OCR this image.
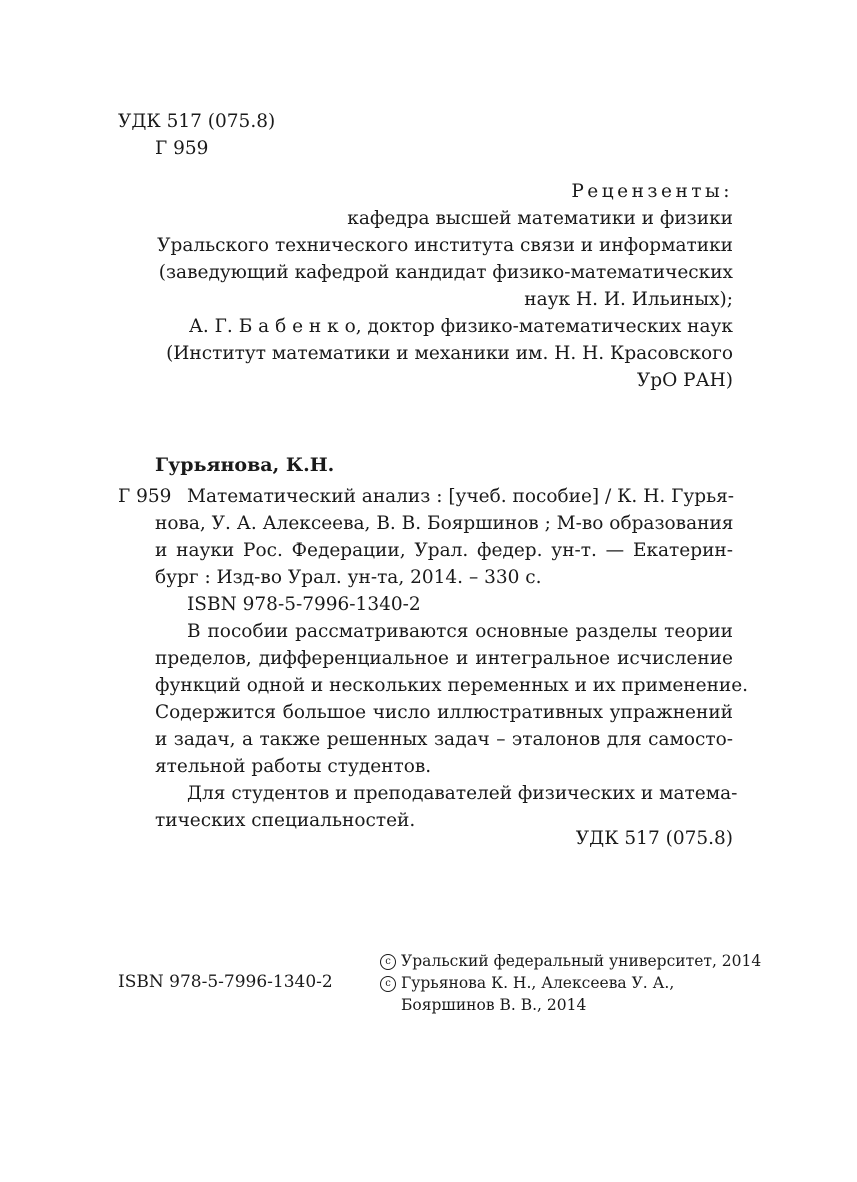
УДК 517 (075.8)
Г 959
Рецензенты:
кафедра высшей математики и физики
Уральского технического института связи и информатики
(заведующий кафедрой кандидат физико-математических
наук Н. И. Ильиных);
А. Г. Б а б е н к о, доктор физико-математических наук
(Институт математики и механики им. Н. Н. Красовского
УрО РАН)
Гурьянова, К.Н.
Г 959 Математический анализ : [учеб. пособие] / К. Н. Гурья-
нова, У. А. Алексеева, В. В. Бояршинов ; М-во образования
и науки Рос. Федерации, Урал. федер. ун-т. — Екатерин-
бург : Изд-во Урал. ун-та, 2014. – 330 с.
ISBN 978-5-7996-1340-2
В пособии рассматриваются основные разделы теории
пределов, дифференциальное и интегральное исчисление
функций одной и нескольких переменных и их применение.
Содержится большое число иллюстративных упражнений
и задач, а также решенных задач – эталонов для самосто-
ятельной работы студентов.
Для студентов и преподавателей физических и матема-
тических специальностей.
УДК 517 (075.8)
ISBN 978-5-7996-1340-2
c Уральский федеральный университет, 2014
c Гурьянова К. Н., Алексеева У. А.,
Бояршинов В. В., 2014
